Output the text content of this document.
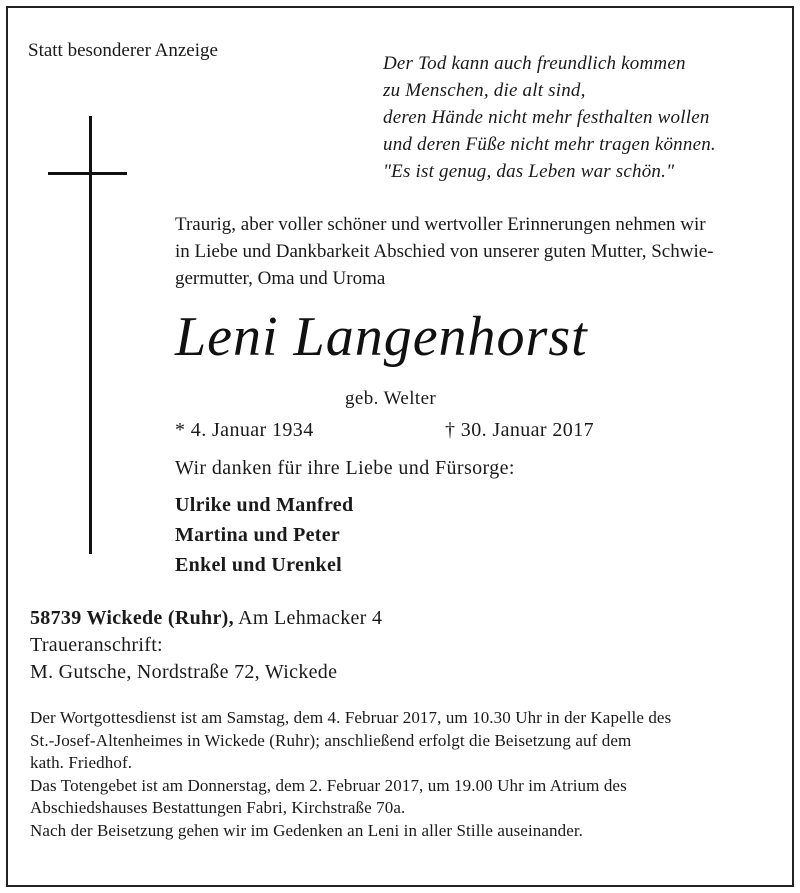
Statt besonderer Anzeige
Der Tod kann auch freundlich kommen
zu Menschen, die alt sind,
deren Hände nicht mehr festhalten wollen
und deren Füße nicht mehr tragen können.
"Es ist genug, das Leben war schön."
Traurig, aber voller schöner und wertvoller Erinnerungen nehmen wir
in Liebe und Dankbarkeit Abschied von unserer guten Mutter, Schwie-
germutter, Oma und Uroma
Leni Langenhorst
geb. Welter
* 4. Januar 1934	† 30. Januar 2017
Wir danken für ihre Liebe und Fürsorge:
Ulrike und Manfred
Martina und Peter
Enkel und Urenkel
58739 Wickede (Ruhr), Am Lehmacker 4
Traueranschrift:
M. Gutsche, Nordstraße 72, Wickede
Der Wortgottesdienst ist am Samstag, dem 4. Februar 2017, um 10.30 Uhr in der Kapelle des
St.-Josef-Altenheimes in Wickede (Ruhr); anschließend erfolgt die Beisetzung auf dem
kath. Friedhof.
Das Totengebet ist am Donnerstag, dem 2. Februar 2017, um 19.00 Uhr im Atrium des
Abschiedshauses Bestattungen Fabri, Kirchstraße 70a.
Nach der Beisetzung gehen wir im Gedenken an Leni in aller Stille auseinander.
